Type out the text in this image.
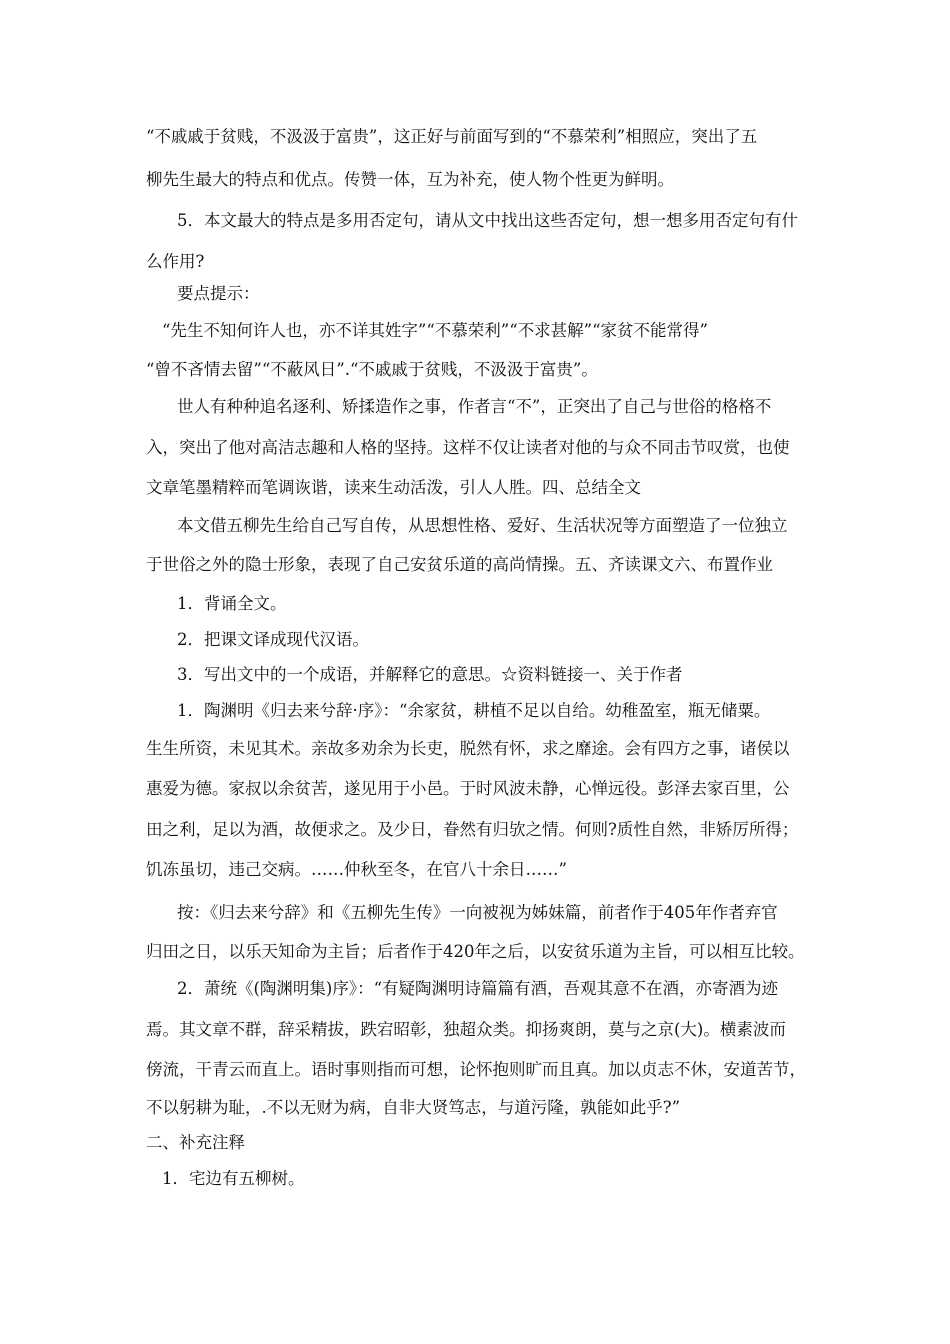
“不戚戚于贫贱，不汲汲于富贵”，这正好与前面写到的“不慕荣利”相照应，突出了五
柳先生最大的特点和优点。传赞一体，互为补充，使人物个性更为鲜明。
5．本文最大的特点是多用否定句，请从文中找出这些否定句，想一想多用否定句有什
么作用?
要点提示：
“先生不知何许人也，亦不详其姓字”“不慕荣利”“不求甚解”“家贫不能常得”
“曾不吝情去留”“不蔽风日”.“不戚戚于贫贱，不汲汲于富贵”。
世人有种种追名逐利、矫揉造作之事，作者言“不”，正突出了自己与世俗的格格不
入，突出了他对高洁志趣和人格的坚持。这样不仅让读者对他的与众不同击节叹赏，也使
文章笔墨精粹而笔调诙谐，读来生动活泼，引人人胜。四、总结全文
本文借五柳先生给自己写自传，从思想性格、爱好、生活状况等方面塑造了一位独立
于世俗之外的隐士形象，表现了自己安贫乐道的高尚情操。五、齐读课文六、布置作业
1．背诵全文。
2．把课文译成现代汉语。
3．写出文中的一个成语，并解释它的意思。☆资料链接一、关于作者
1．陶渊明《归去来兮辞·序》：“余家贫，耕植不足以自给。幼稚盈室，瓶无储粟。
生生所资，未见其术。亲故多劝余为长吏，脱然有怀，求之靡途。会有四方之事，诸侯以
惠爱为德。家叔以余贫苦，遂见用于小邑。于时风波未静，心惮远役。彭泽去家百里，公
田之利，足以为酒，故便求之。及少日，眷然有归欤之情。何则?质性自然，非矫厉所得；
饥冻虽切，违己交病。……仲秋至冬，在官八十余日……”
按：《归去来兮辞》和《五柳先生传》一向被视为姊妹篇，前者作于405年作者弃官
归田之日，以乐天知命为主旨；后者作于420年之后，以安贫乐道为主旨，可以相互比较。
2．萧统《(陶渊明集)序》：“有疑陶渊明诗篇篇有酒，吾观其意不在酒，亦寄酒为迹
焉。其文章不群，辞采精拔，跌宕昭彰，独超众类。抑扬爽朗，莫与之京(大)。横素波而
傍流，干青云而直上。语时事则指而可想，论怀抱则旷而且真。加以贞志不休，安道苦节，
不以躬耕为耻，.不以无财为病，自非大贤笃志，与道污隆，孰能如此乎?”
二、补充注释
1．宅边有五柳树。
